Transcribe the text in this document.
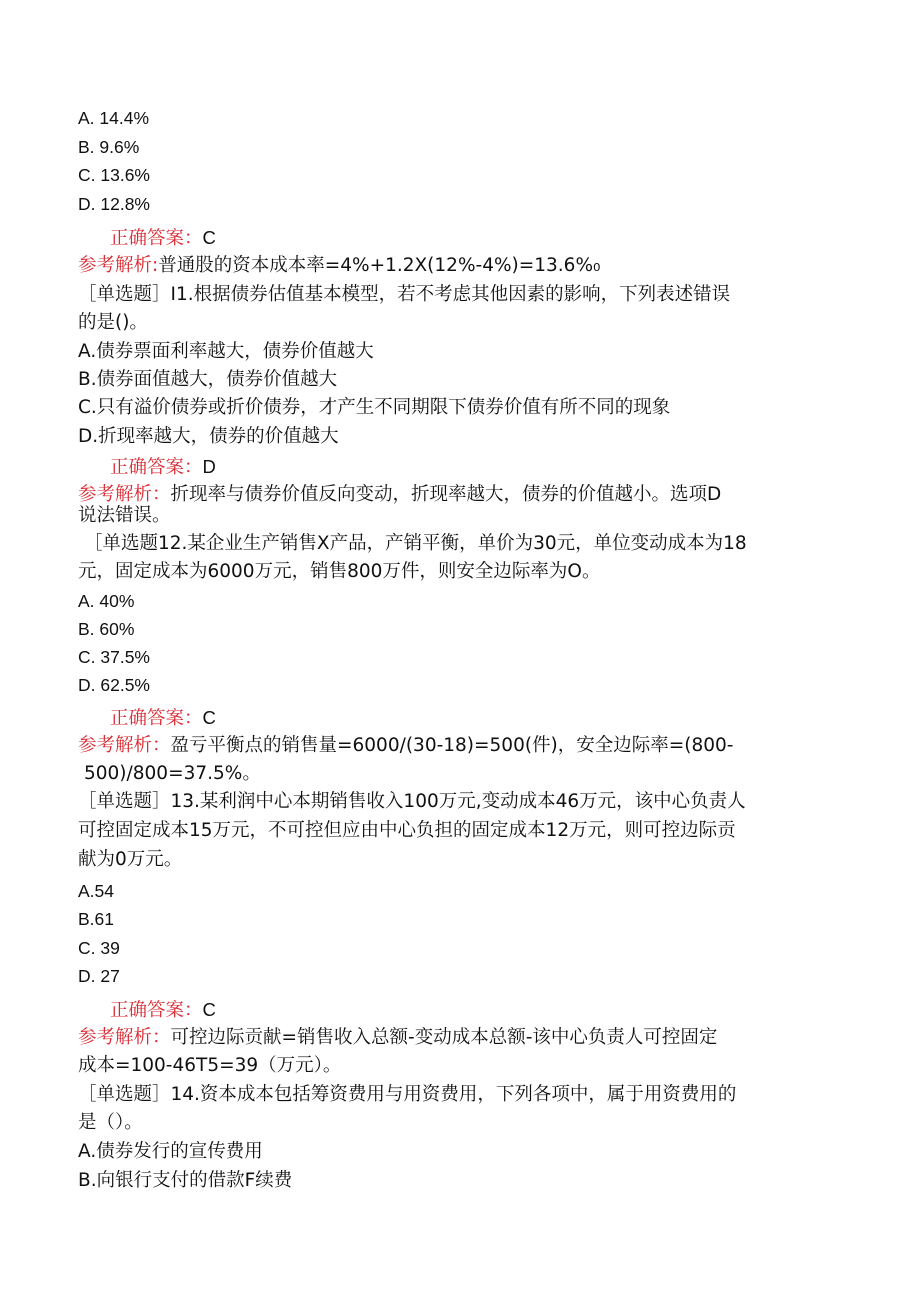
A. 14.4%
B. 9.6%
C. 13.6%
D. 12.8%
正确答案：C
参考解析:普通股的资本成本率=4%+1.2X(12%-4%)=13.6%₀
［单选题］I1.根据债券估值基本模型，若不考虑其他因素的影响，下列表述错误
的是()。
A.债券票面利率越大，债券价值越大
B.债券面值越大，债券价值越大
C.只有溢价债券或折价债券，才产生不同期限下债券价值有所不同的现象
D.折现率越大，债券的价值越大
正确答案：D
参考解析：折现率与债券价值反向变动，折现率越大，债券的价值越小。选项D
说法错误。
［单选题12.某企业生产销售X产品，产销平衡，单价为30元，单位变动成本为18
元，固定成本为6000万元，销售800万件，则安全边际率为O。
A. 40%
B. 60%
C. 37.5%
D. 62.5%
正确答案：C
参考解析：盈亏平衡点的销售量=6000/(30-18)=500(件)，安全边际率=(800-
500)/800=37.5%。
［单选题］13.某利润中心本期销售收入100万元,变动成本46万元，该中心负责人
可控固定成本15万元，不可控但应由中心负担的固定成本12万元，则可控边际贡
献为0万元。
A.54
B.61
C. 39
D. 27
正确答案：C
参考解析：可控边际贡献=销售收入总额-变动成本总额-该中心负责人可控固定
成本=100-46T5=39（万元）。
［单选题］14.资本成本包括筹资费用与用资费用，下列各项中，属于用资费用的
是（）。
A.债券发行的宣传费用
B.向银行支付的借款F续费
